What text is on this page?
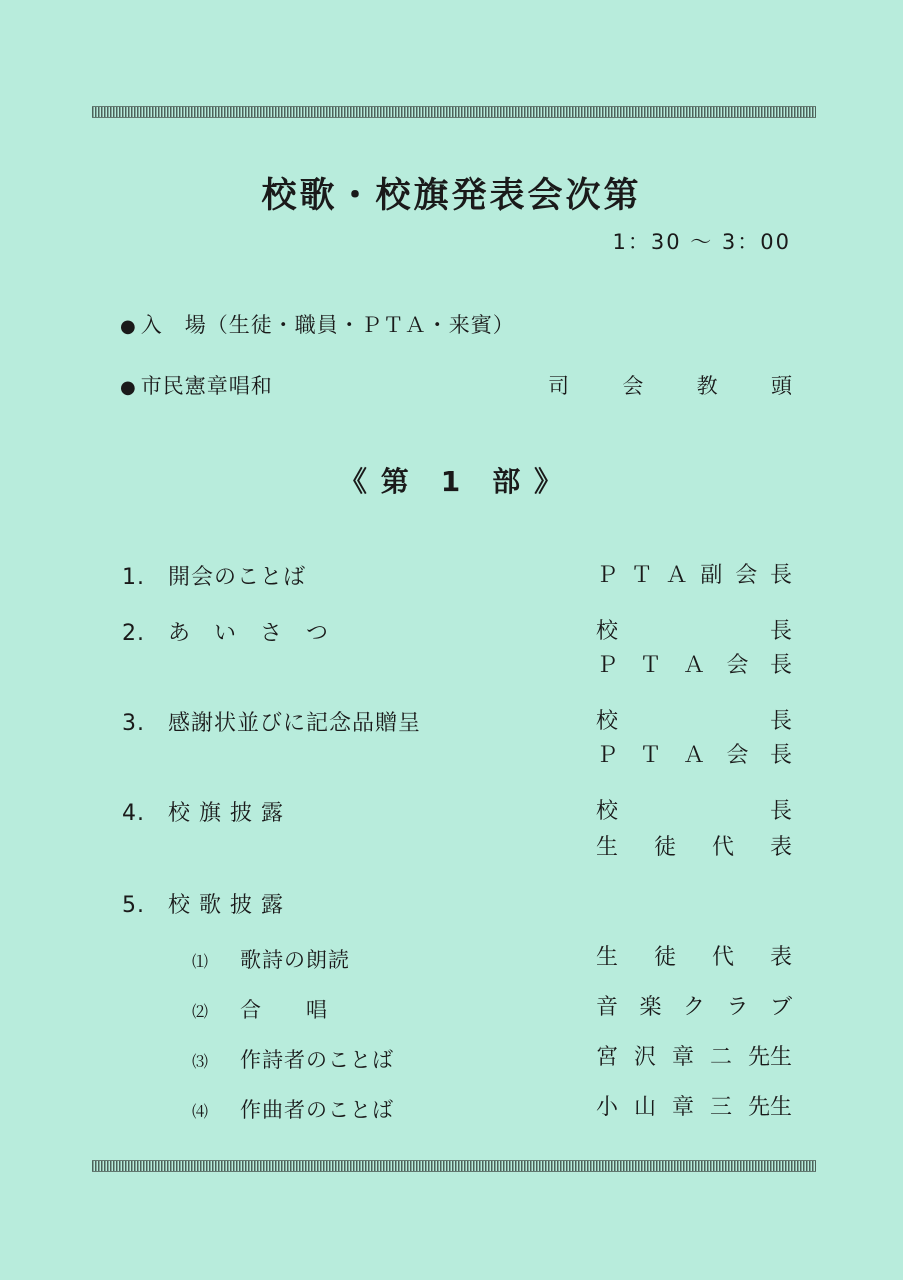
校歌・校旗発表会次第
1：30 ～ 3：00
● 入　場（生徒・職員・ＰＴＡ・来賓）
● 市民憲章唱和	司	会	教	頭
《 第　1　部 》
1. 開会のことば	Ｐ Ｔ Ａ 副 会 長
2. あ　い　さ　つ	校	長
Ｐ Ｔ Ａ 会 長
3. 感謝状並びに記念品贈呈	校	長
Ｐ Ｔ Ａ 会 長
4. 校 旗 披 露	校	長
生 徒 代 表
5. 校 歌 披 露
⑴ 歌詩の朗読	生 徒 代 表
⑵ 合　　唱	音 楽 ク ラ ブ
⑶ 作詩者のことば	宮 沢 章 二 先生
⑷ 作曲者のことば	小 山 章 三 先生
